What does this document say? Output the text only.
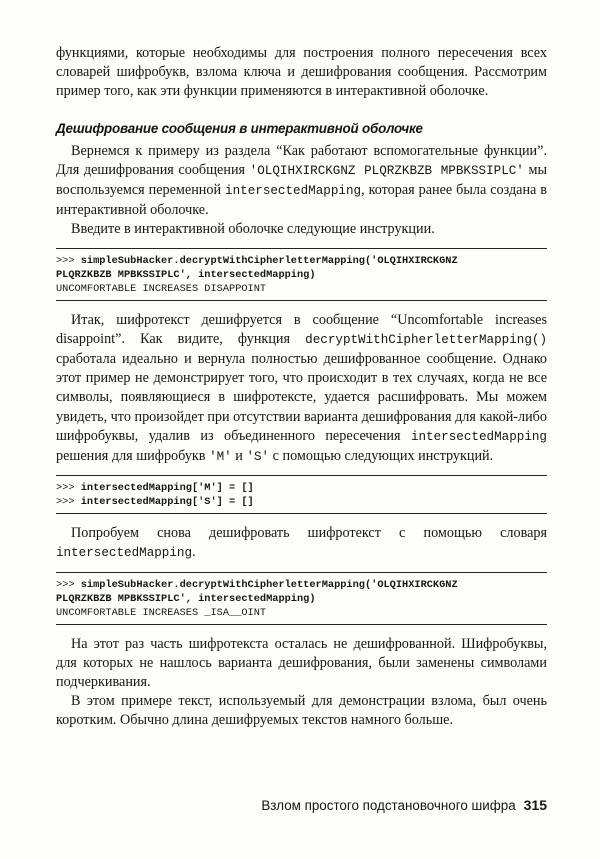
функциями, которые необходимы для построения полного пересечения всех словарей шифробукв, взлома ключа и дешифрования сообщения. Рассмотрим пример того, как эти функции применяются в интерактивной оболочке.

Дешифрование сообщения в интерактивной оболочке

Вернемся к примеру из раздела “Как работают вспомогательные функции”. Для дешифрования сообщения 'OLQIHXIRCKGNZ PLQRZKBZB MPBKSSIPLC' мы воспользуемся переменной intersectedMapping, которая ранее была создана в интерактивной оболочке.

Введите в интерактивной оболочке следующие инструкции.

>>> simpleSubHacker.decryptWithCipherletterMapping('OLQIHXIRCKGNZ
PLQRZKBZB MPBKSSIPLC', intersectedMapping)
UNCOMFORTABLE INCREASES DISAPPOINT

Итак, шифротекст дешифруется в сообщение “Uncomfortable increases disappoint”. Как видите, функция decryptWithCipherletterMapping() сработала идеально и вернула полностью дешифрованное сообщение. Однако этот пример не демонстрирует того, что происходит в тех случаях, когда не все символы, появляющиеся в шифротексте, удается расшифровать. Мы можем увидеть, что произойдет при отсутствии варианта дешифрования для какой-либо шифробуквы, удалив из объединенного пересечения intersectedMapping решения для шифробукв 'M' и 'S' с помощью следующих инструкций.

>>> intersectedMapping['M'] = []
>>> intersectedMapping['S'] = []

Попробуем снова дешифровать шифротекст с помощью словаря intersectedMapping.

>>> simpleSubHacker.decryptWithCipherletterMapping('OLQIHXIRCKGNZ
PLQRZKBZB MPBKSSIPLC', intersectedMapping)
UNCOMFORTABLE INCREASES _ISA__OINT

На этот раз часть шифротекста осталась не дешифрованной. Шифробуквы, для которых не нашлось варианта дешифрования, были заменены символами подчеркивания.

В этом примере текст, используемый для демонстрации взлома, был очень коротким. Обычно длина дешифруемых текстов намного больше.

Взлом простого подстановочного шифра 315
